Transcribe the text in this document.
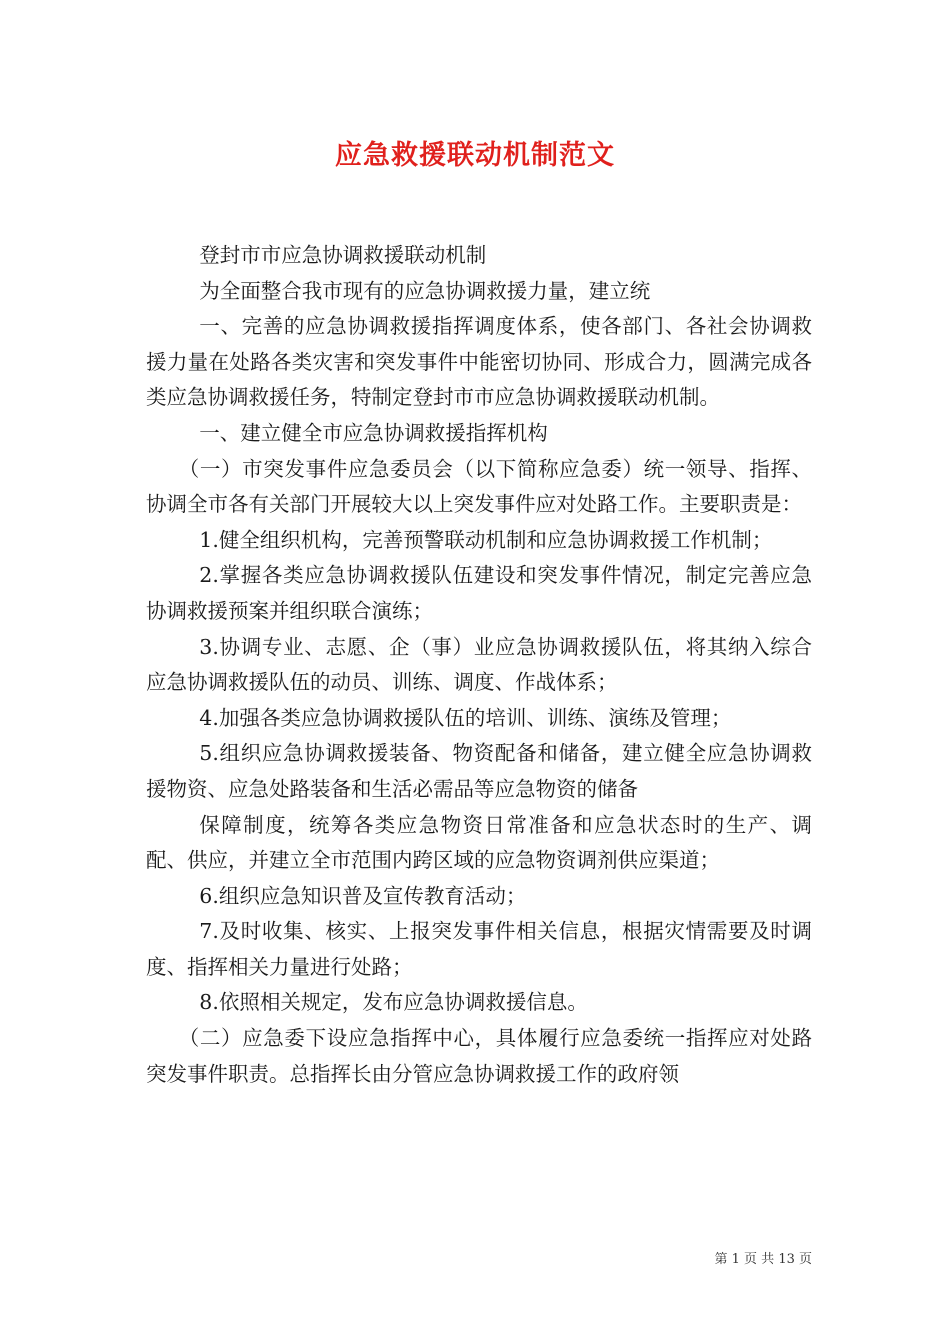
应急救援联动机制范文

登封市市应急协调救援联动机制

为全面整合我市现有的应急协调救援力量，建立统

一、完善的应急协调救援指挥调度体系，使各部门、各社会协调救援力量在处路各类灾害和突发事件中能密切协同、形成合力，圆满完成各类应急协调救援任务，特制定登封市市应急协调救援联动机制。

一、建立健全市应急协调救援指挥机构

（一）市突发事件应急委员会（以下简称应急委）统一领导、指挥、协调全市各有关部门开展较大以上突发事件应对处路工作。主要职责是：

1.健全组织机构，完善预警联动机制和应急协调救援工作机制；

2.掌握各类应急协调救援队伍建设和突发事件情况，制定完善应急协调救援预案并组织联合演练；

3.协调专业、志愿、企（事）业应急协调救援队伍，将其纳入综合应急协调救援队伍的动员、训练、调度、作战体系；

4.加强各类应急协调救援队伍的培训、训练、演练及管理；

5.组织应急协调救援装备、物资配备和储备，建立健全应急协调救援物资、应急处路装备和生活必需品等应急物资的储备

保障制度，统筹各类应急物资日常准备和应急状态时的生产、调配、供应，并建立全市范围内跨区域的应急物资调剂供应渠道；

6.组织应急知识普及宣传教育活动；

7.及时收集、核实、上报突发事件相关信息，根据灾情需要及时调度、指挥相关力量进行处路；

8.依照相关规定，发布应急协调救援信息。

（二）应急委下设应急指挥中心，具体履行应急委统一指挥应对处路突发事件职责。总指挥长由分管应急协调救援工作的政府领

第 1 页 共 13 页
